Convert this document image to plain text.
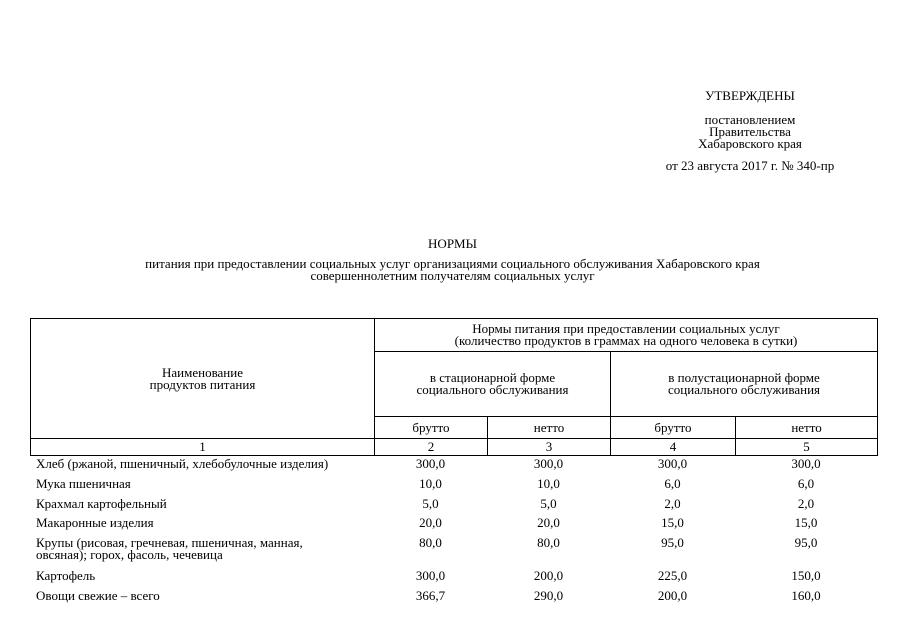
УТВЕРЖДЕНЫ
постановлением
Правительства
Хабаровского края
от 23 августа 2017 г. № 340-пр
НОРМЫ
питания при предоставлении социальных услуг организациями социального обслуживания Хабаровского края
совершеннолетним получателям социальных услуг
Наименование
продуктов питания	Нормы питания при предоставлении социальных услуг
(количество продуктов в граммах на одного человека в сутки)			

	в стационарной форме
социального обслуживания		в полустационарной форме
социального обслуживания	

	брутто	нетто	брутто	нетто
1	2	3	4	5
Хлеб (ржаной, пшеничный, хлебобулочные изделия)	300,0	300,0	300,0	300,0
Мука пшеничная	10,0	10,0	6,0	6,0
Крахмал картофельный	5,0	5,0	2,0	2,0
Макаронные изделия	20,0	20,0	15,0	15,0

Крупы (рисовая, гречневая, пшеничная, манная,
овсяная); горох, фасоль, чечевица	80,0	80,0	95,0	95,0
Картофель	300,0	200,0	225,0	150,0
Овощи свежие – всего	366,7	290,0	200,0	160,0
